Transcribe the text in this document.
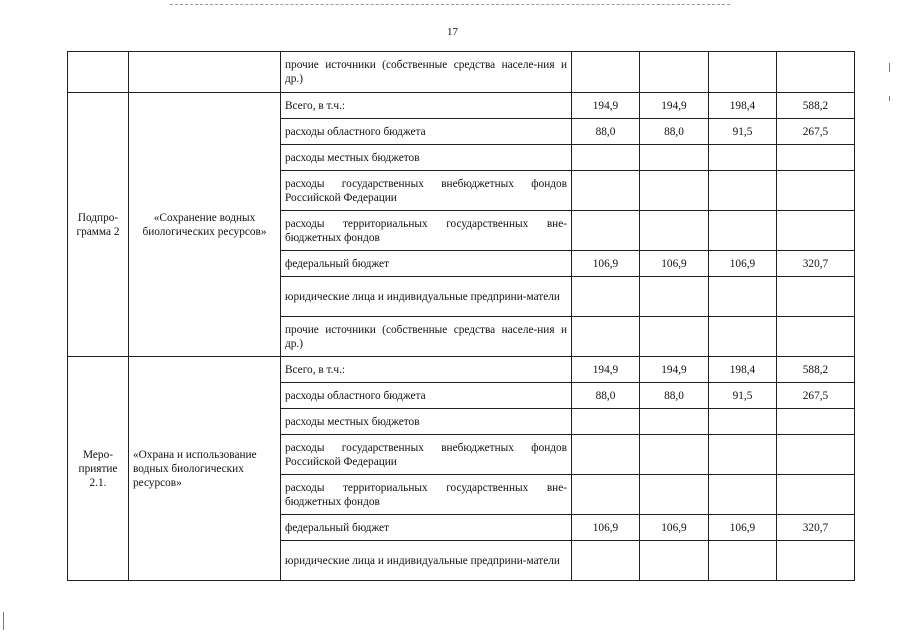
17
		прочие источники (собственные средства населе-ния и др.)				
Подпро-грамма 2	«Сохранение водных биологических ресурсов»	Всего, в т.ч.:	194,9	194,9	198,4	588,2
		расходы областного бюджета	88,0	88,0	91,5	267,5
		расходы местных бюджетов				
		расходы государственных внебюджетных фондов Российской Федерации				
		расходы территориальных государственных вне-бюджетных фондов				
		федеральный бюджет	106,9	106,9	106,9	320,7
		юридические лица и индивидуальные предприни-матели				
		прочие источники (собственные средства населе-ния и др.)				
Меро-приятие 2.1.	«Охрана и использование водных биологических ресурсов»	Всего, в т.ч.:	194,9	194,9	198,4	588,2
		расходы областного бюджета	88,0	88,0	91,5	267,5
		расходы местных бюджетов				
		расходы государственных внебюджетных фондов Российской Федерации				
		расходы территориальных государственных вне-бюджетных фондов				
		федеральный бюджет	106,9	106,9	106,9	320,7
		юридические лица и индивидуальные предприни-матели				
